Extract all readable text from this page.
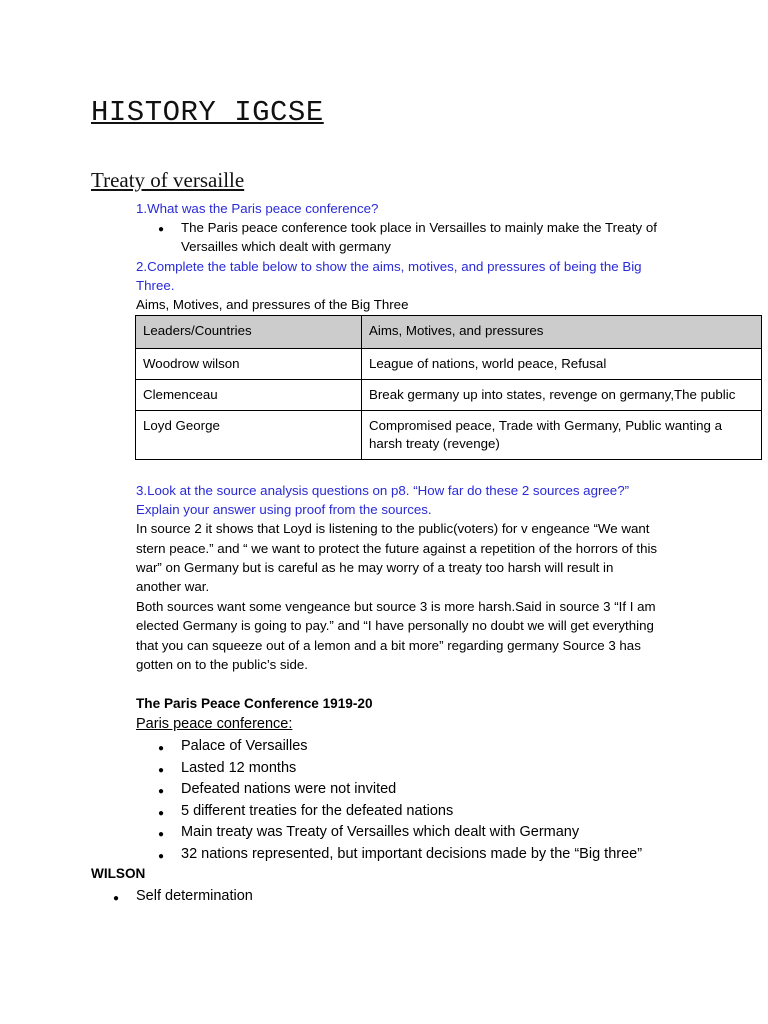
HISTORY IGCSE
Treaty of versaille
1.What was the Paris peace conference?
● The Paris peace conference took place in Versailles to mainly make the Treaty of
Versailles which dealt with germany
2.Complete the table below to show the aims, motives, and pressures of being the Big
Three.
Aims, Motives, and pressures of the Big Three
Leaders/Countries	Aims, Motives, and pressures
Woodrow wilson	League of nations, world peace, Refusal
Clemenceau	Break germany up into states, revenge on germany,The public
Loyd George	Compromised peace, Trade with Germany, Public wanting a
harsh treaty (revenge)
3.Look at the source analysis questions on p8. “How far do these 2 sources agree?”
Explain your answer using proof from the sources.
In source 2 it shows that Loyd is listening to the public(voters) for v engeance “We want
stern peace.” and “ we want to protect the future against a repetition of the horrors of this
war” on Germany but is careful as he may worry of a treaty too harsh will result in
another war.
Both sources want some vengeance but source 3 is more harsh.Said in source 3 “If I am
elected Germany is going to pay.” and “I have personally no doubt we will get everything
that you can squeeze out of a lemon and a bit more” regarding germany Source 3 has
gotten on to the public’s side.
The Paris Peace Conference 1919-20
Paris peace conference:
● Palace of Versailles
● Lasted 12 months
● Defeated nations were not invited
● 5 different treaties for the defeated nations
● Main treaty was Treaty of Versailles which dealt with Germany
● 32 nations represented, but important decisions made by the “Big three”
WILSON
● Self determination
